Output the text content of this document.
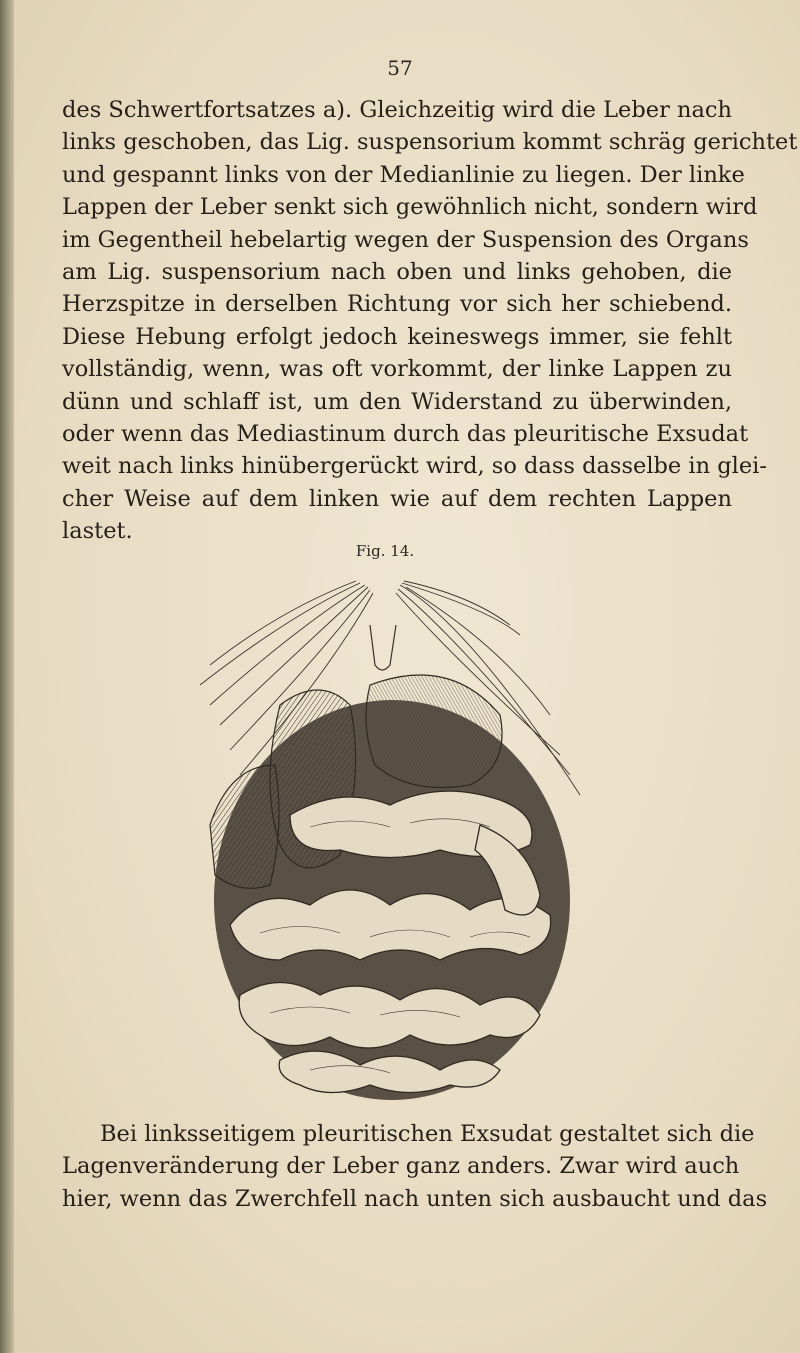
57
des Schwertfortsatzes a). Gleichzeitig wird die Leber nach
links geschoben, das Lig. suspensorium kommt schräg gerichtet
und gespannt links von der Medianlinie zu liegen. Der linke
Lappen der Leber senkt sich gewöhnlich nicht, sondern wird
im Gegentheil hebelartig wegen der Suspension des Organs
am Lig. suspensorium nach oben und links gehoben, die
Herzspitze in derselben Richtung vor sich her schiebend.
Diese Hebung erfolgt jedoch keineswegs immer, sie fehlt
vollständig, wenn, was oft vorkommt, der linke Lappen zu
dünn und schlaff ist, um den Widerstand zu überwinden,
oder wenn das Mediastinum durch das pleuritische Exsudat
weit nach links hinübergerückt wird, so dass dasselbe in glei-
cher Weise auf dem linken wie auf dem rechten Lappen
lastet.
Fig. 14.
Bei linksseitigem pleuritischen Exsudat gestaltet sich die
Lagenveränderung der Leber ganz anders. Zwar wird auch
hier, wenn das Zwerchfell nach unten sich ausbaucht und das
